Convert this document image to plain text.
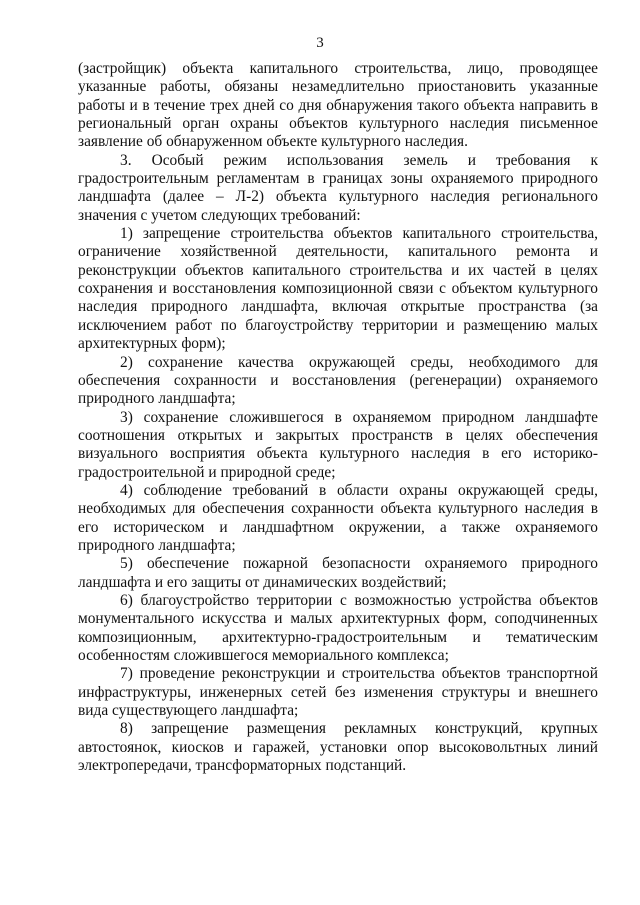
3

(застройщик) объекта капитального строительства, лицо, проводящее указанные работы, обязаны незамедлительно приостановить указанные работы и в течение трех дней со дня обнаружения такого объекта направить в региональный орган охраны объектов культурного наследия письменное заявление об обнаруженном объекте культурного наследия.

3. Особый режим использования земель и требования к градостроительным регламентам в границах зоны охраняемого природного ландшафта (далее – Л-2) объекта культурного наследия регионального значения с учетом следующих требований:

1) запрещение строительства объектов капитального строительства, ограничение хозяйственной деятельности, капитального ремонта и реконструкции объектов капитального строительства и их частей в целях сохранения и восстановления композиционной связи с объектом культурного наследия природного ландшафта, включая открытые пространства (за исключением работ по благоустройству территории и размещению малых архитектурных форм);

2) сохранение качества окружающей среды, необходимого для обеспечения сохранности и восстановления (регенерации) охраняемого природного ландшафта;

3) сохранение сложившегося в охраняемом природном ландшафте соотношения открытых и закрытых пространств в целях обеспечения визуального восприятия объекта культурного наследия в его историко-градостроительной и природной среде;

4) соблюдение требований в области охраны окружающей среды, необходимых для обеспечения сохранности объекта культурного наследия в его историческом и ландшафтном окружении, а также охраняемого природного ландшафта;

5) обеспечение пожарной безопасности охраняемого природного ландшафта и его защиты от динамических воздействий;

6) благоустройство территории с возможностью устройства объектов монументального искусства и малых архитектурных форм, соподчиненных композиционным, архитектурно-градостроительным и тематическим особенностям сложившегося мемориального комплекса;

7) проведение реконструкции и строительства объектов транспортной инфраструктуры, инженерных сетей без изменения структуры и внешнего вида существующего ландшафта;

8) запрещение размещения рекламных конструкций, крупных автостоянок, киосков и гаражей, установки опор высоковольтных линий электропередачи, трансформаторных подстанций.
